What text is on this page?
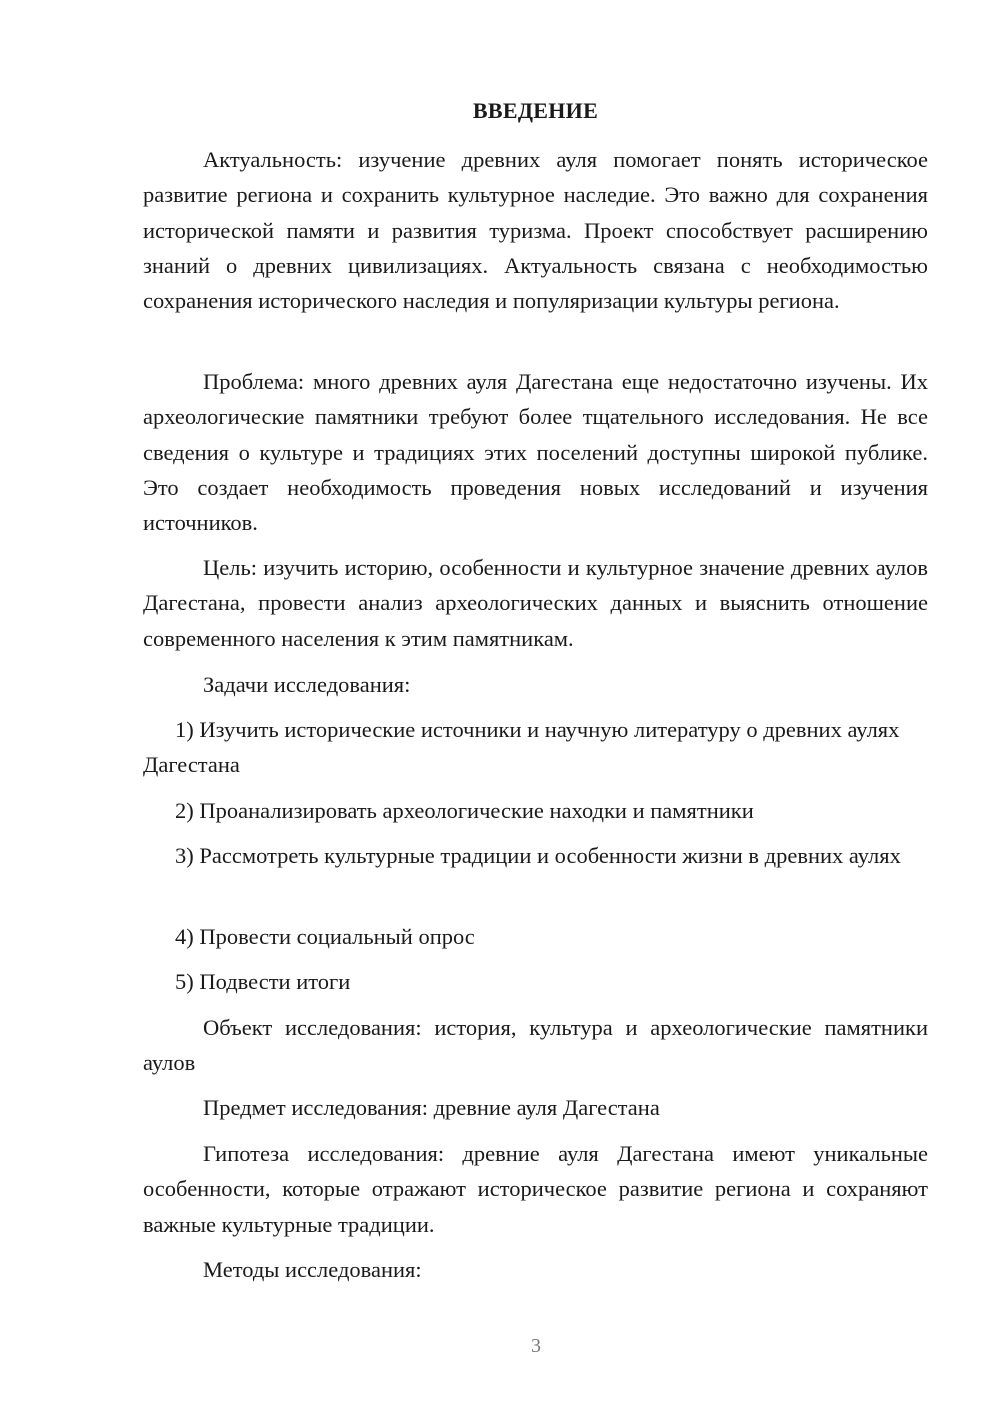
ВВЕДЕНИЕ

Актуальность: изучение древних ауля помогает понять историческое развитие региона и сохранить культурное наследие. Это важно для сохранения исторической памяти и развития туризма. Проект способствует расширению знаний о древних цивилизациях. Актуальность связана с необходимостью сохранения исторического наследия и популяризации культуры региона.

Проблема: много древних ауля Дагестана еще недостаточно изучены. Их археологические памятники требуют более тщательного исследования. Не все сведения о культуре и традициях этих поселений доступны широкой публике. Это создает необходимость проведения новых исследований и изучения источников.

Цель: изучить историю, особенности и культурное значение древних аулов Дагестана, провести анализ археологических данных и выяснить отношение современного населения к этим памятникам.

Задачи исследования:

1) Изучить исторические источники и научную литературу о древних аулях Дагестана

2) Проанализировать археологические находки и памятники

3) Рассмотреть культурные традиции и особенности жизни в древних аулях

4) Провести социальный опрос

5) Подвести итоги

Объект исследования: история, культура и археологические памятники аулов

Предмет исследования: древние ауля Дагестана

Гипотеза исследования: древние ауля Дагестана имеют уникальные особенности, которые отражают историческое развитие региона и сохраняют важные культурные традиции.

Методы исследования:

3
